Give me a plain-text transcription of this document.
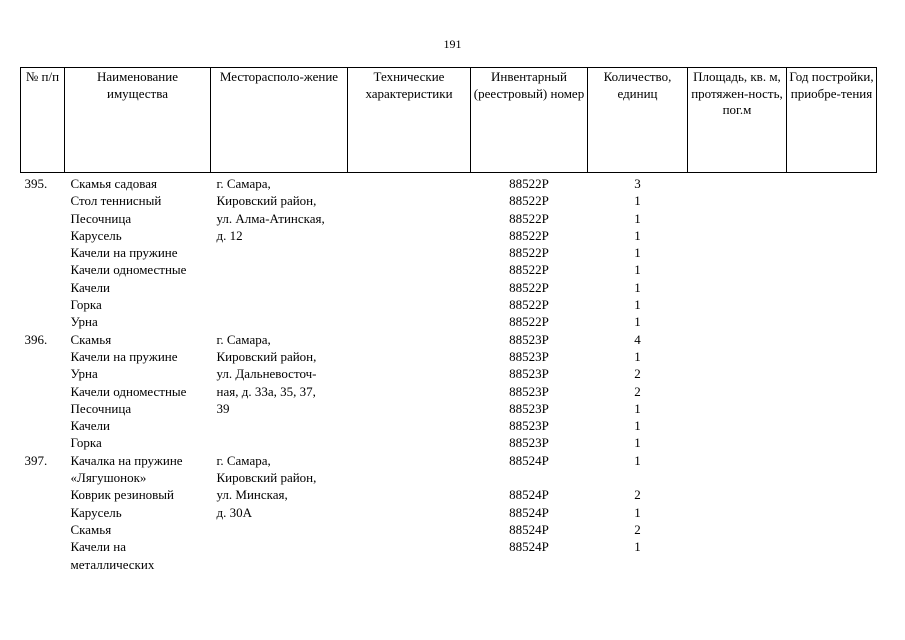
191
№ п/п	Наименование имущества	Месторасполо-жение	Технические характеристики	Инвентарный (реестровый) номер	Количество, единиц	Площадь, кв. м, протяжен-ность, пог.м	Год постройки, приобре-тения
395.	Скамья садовая	г. Самара,		88522Р	3		
	Стол теннисный	Кировский район,		88522Р	1		
	Песочница	ул. Алма-Атинская,		88522Р	1		
	Карусель	д. 12		88522Р	1		
	Качели на пружине			88522Р	1		
	Качели одноместные			88522Р	1		
	Качели			88522Р	1		
	Горка			88522Р	1		
	Урна			88522Р	1		
396.	Скамья	г. Самара,		88523Р	4		
	Качели на пружине	Кировский район,		88523Р	1		
	Урна	ул. Дальневосточ-		88523Р	2		
	Качели одноместные	ная, д. 33а, 35, 37,		88523Р	2		
	Песочница	39		88523Р	1		
	Качели			88523Р	1		
	Горка			88523Р	1		
397.	Качалка на пружине	г. Самара,		88524Р	1		
	«Лягушонок»	Кировский район,					
	Коврик резиновый	ул. Минская,		88524Р	2		
	Карусель	д. 30А		88524Р	1		
	Скамья			88524Р	2		
	Качели на			88524Р	1		
	металлических						
